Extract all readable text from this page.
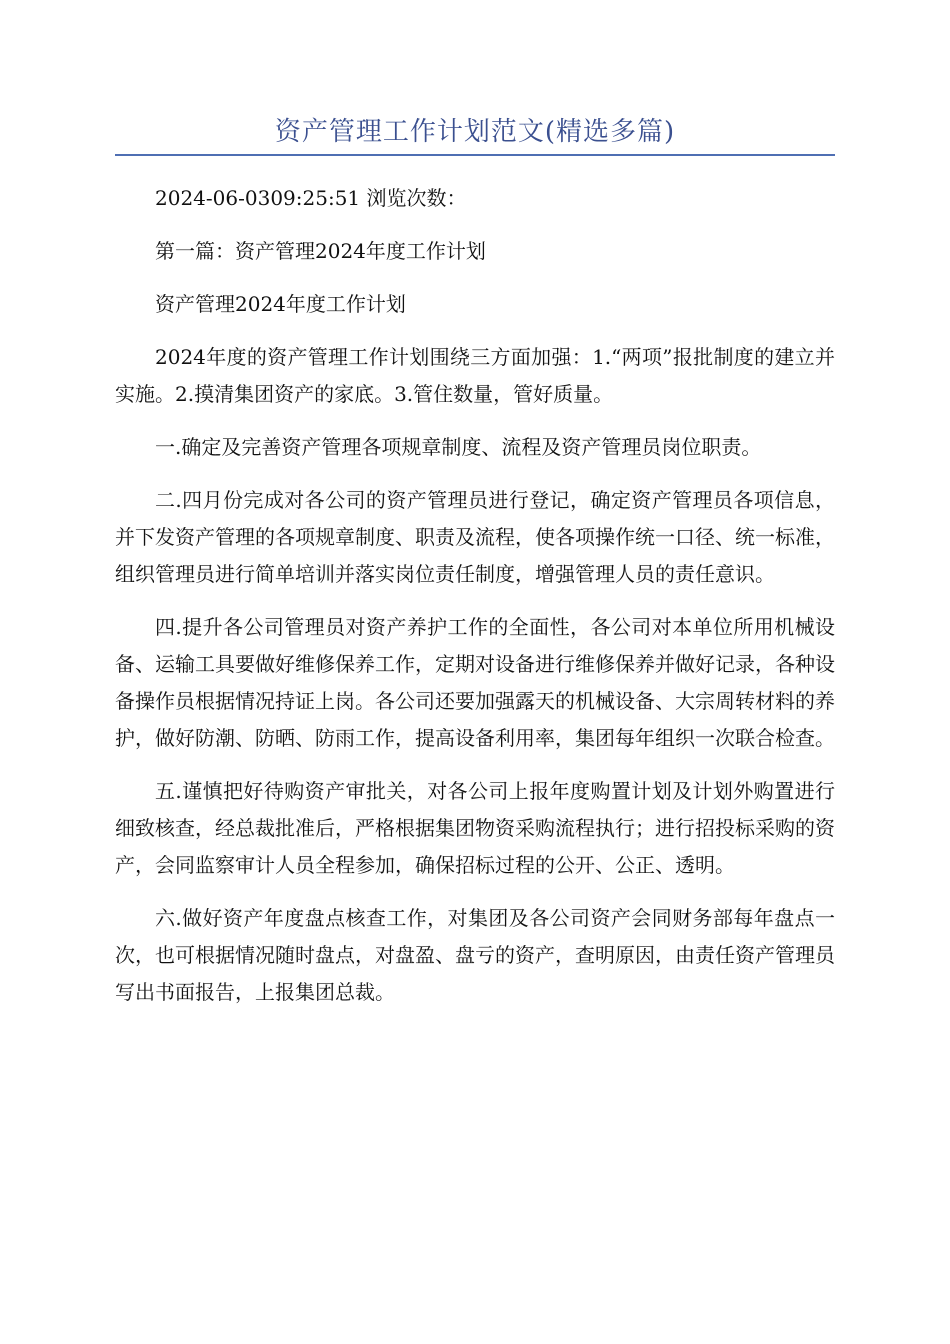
资产管理工作计划范文(精选多篇)

2024-06-0309:25:51 浏览次数：

第一篇：资产管理2024年度工作计划

资产管理2024年度工作计划

2024年度的资产管理工作计划围绕三方面加强：1.“两项”报批制度的建立并实施。2.摸清集团资产的家底。3.管住数量，管好质量。

一.确定及完善资产管理各项规章制度、流程及资产管理员岗位职责。

二.四月份完成对各公司的资产管理员进行登记，确定资产管理员各项信息，并下发资产管理的各项规章制度、职责及流程，使各项操作统一口径、统一标准，组织管理员进行简单培训并落实岗位责任制度，增强管理人员的责任意识。

四.提升各公司管理员对资产养护工作的全面性，各公司对本单位所用机械设备、运输工具要做好维修保养工作，定期对设备进行维修保养并做好记录，各种设备操作员根据情况持证上岗。各公司还要加强露天的机械设备、大宗周转材料的养护，做好防潮、防晒、防雨工作，提高设备利用率，集团每年组织一次联合检查。

五.谨慎把好待购资产审批关，对各公司上报年度购置计划及计划外购置进行细致核查，经总裁批准后，严格根据集团物资采购流程执行；进行招投标采购的资产，会同监察审计人员全程参加，确保招标过程的公开、公正、透明。

六.做好资产年度盘点核查工作，对集团及各公司资产会同财务部每年盘点一次，也可根据情况随时盘点，对盘盈、盘亏的资产，查明原因，由责任资产管理员写出书面报告，上报集团总裁。
